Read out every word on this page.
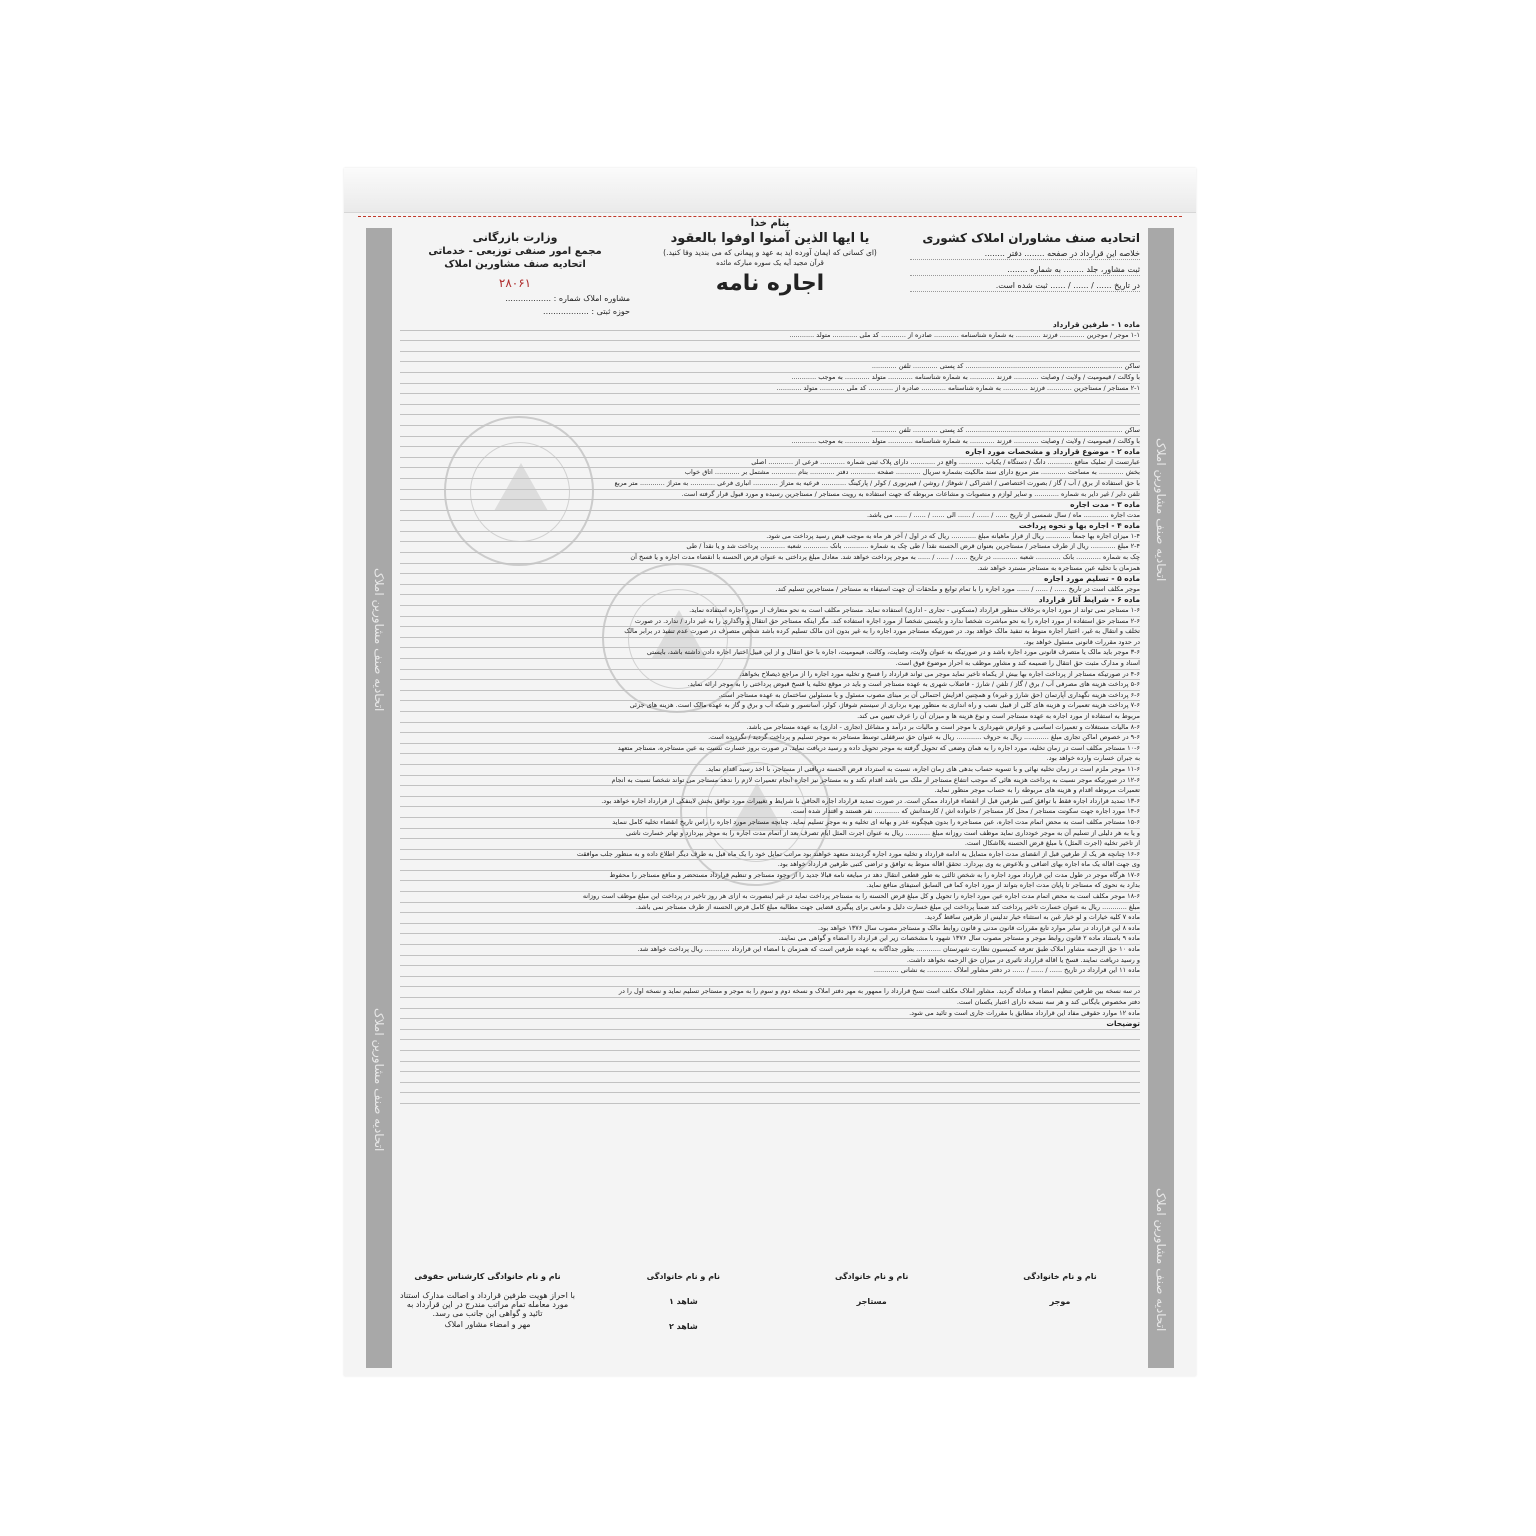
اتحادیه صنف مشاورین املاک
اتحادیه صنف مشاورین املاک
اتحادیه صنف مشاورین املاک
اتحادیه صنف مشاورین املاک
بنام خدا
اتحادیه صنف مشاوران املاک کشوری
خلاصه این قرارداد در صفحه ........ دفتر ........
ثبت مشاور، جلد ........ به شماره ........
در تاریخ ...... / ...... / ...... ثبت شده است.
یا ایها الذین آمنوا اوفوا بالعقود
(ای کسانی که ایمان آورده اید به عهد و پیمانی که می بندید وفا کنید.)
قرآن مجید آیه یک سوره مبارکه مائده
اجاره نامه
وزارت بازرگانی
مجمع امور صنفی توزیعی - خدماتی
اتحادیه صنف مشاورین املاک
۲۸۰۶۱
مشاوره املاک شماره : ..................
حوزه ثبتی : ..................
ماده ۱ - طرفین قرارداد
۱-۱ موجر / موجرین ............ فرزند ............ به شماره شناسنامه ............ صادره از ............ کد ملی ............ متولد ............
ساکن ............................................................................ کد پستی ............ تلفن ............
با وکالت / قیمومیت / ولایت / وصایت ............ فرزند ............ به شماره شناسنامه ............ متولد ............ به موجب ............
۲-۱ مستاجر / مستاجرین ............ فرزند ............ به شماره شناسنامه ............ صادره از ............ کد ملی ............ متولد ............
ساکن ............................................................................ کد پستی ............ تلفن ............
با وکالت / قیمومیت / ولایت / وصایت ............ فرزند ............ به شماره شناسنامه ............ متولد ............ به موجب ............
ماده ۲ - موضوع قرارداد و مشخصات مورد اجاره
عبارتست از تملیک منافع ............ دانگ / دستگاه / یکباب ............ واقع در ............ دارای پلاک ثبتی شماره ............ فرعی از ............ اصلی
بخش ............ به مساحت ............ متر مربع دارای سند مالکیت بشماره سریال ............ صفحه ............ دفتر ............ بنام ............ مشتمل بر ............ اتاق خواب
با حق استفاده از برق / آب / گاز / بصورت اختصاصی / اشتراکی / شوفاژ / روشن / فیبرنوری / کولر / پارکینگ ............ فرعیه به متراژ ............ انباری فرعی ............ به متراژ ............ متر مربع
تلفن دایر / غیر دایر به شماره ............ و سایر لوازم و منصوبات و مشاعات مربوطه که جهت استفاده به رویت مستاجر / مستاجرین رسیده و مورد قبول قرار گرفته است.
ماده ۳ - مدت اجاره
مدت اجاره ............ ماه / سال شمسی از تاریخ ...... / ...... / ...... الی ...... / ...... / ...... می باشد.
ماده ۴ - اجاره بها و نحوه پرداخت
۱-۴ میزان اجاره بها جمعاً ............ ریال از قرار ماهیانه مبلغ ............ ریال که در اول / آخر هر ماه به موجب قبض رسید پرداخت می شود.
۲-۴ مبلغ ............ ریال از طرف مستاجر / مستاجرین بعنوان قرض الحسنه نقداً / طی چک به شماره ............ بانک ............ شعبه ............ پرداخت شد و یا نقداً / طی
چک به شماره ............ بانک ............ شعبه ............ در تاریخ ...... / ...... / ...... به موجر پرداخت خواهد شد. معادل مبلغ پرداختی به عنوان قرض الحسنه با انقضاء مدت اجاره و یا فسخ آن
همزمان با تخلیه عین مستاجره به مستاجر مسترد خواهد شد.
ماده ۵ - تسلیم مورد اجاره
موجر مکلف است در تاریخ ...... / ...... / ...... مورد اجاره را با تمام توابع و ملحقات آن جهت استیفاء به مستاجر / مستاجرین تسلیم کند.
ماده ۶ - شرایط آثار قرارداد
۱-۶ مستاجر نمی تواند از مورد اجاره برخلاف منظور قرارداد (مسکونی - تجاری - اداری) استفاده نماید. مستاجر مکلف است به نحو متعارف از مورد اجاره استفاده نماید.
۲-۶ مستاجر حق استفاده از مورد اجاره را به نحو مباشرت شخصاً ندارد و بایستی شخصاً از مورد اجاره استفاده کند. مگر اینکه مستاجر حق انتقال و واگذاری را به غیر دارد / ندارد. در صورت
تخلف و انتقال به غیر، اعتبار اجاره منوط به تنفیذ مالک خواهد بود. در صورتیکه مستاجر مورد اجاره را به غیر بدون اذن مالک تسلیم کرده باشد شخص متصرف در صورت عدم تنفیذ در برابر مالک
در حدود مقررات قانونی مسئول خواهد بود.
۳-۶ موجر باید مالک یا متصرف قانونی مورد اجاره باشد و در صورتیکه به عنوان ولایت، وصایت، وکالت، قیمومیت، اجاره با حق انتقال و از این قبیل اختیار اجاره دادن داشته باشد، بایستی
اسناد و مدارک مثبت حق انتقال را ضمیمه کند و مشاور موظف به احراز موضوع فوق است.
۴-۶ در صورتیکه مستاجر از پرداخت اجاره بها بیش از یکماه تاخیر نماید موجر می تواند قرارداد را فسخ و تخلیه مورد اجاره را از مراجع ذیصلاح بخواهد.
۵-۶ پرداخت هزینه های مصرفی آب / برق / گاز / تلفن / شارژ - فاضلاب شهری به عهده مستاجر است و باید در موقع تخلیه یا فسخ قبوض پرداختی را به موجر ارائه نماید.
۶-۶ پرداخت هزینه نگهداری آپارتمان (حق شارژ و غیره) و همچنین افزایش احتمالی آن بر مبنای مصوب مسئول و یا مسئولین ساختمان به عهده مستاجر است.
۷-۶ پرداخت هزینه تعمیرات و هزینه های کلی از قبیل نصب و راه اندازی به منظور بهره برداری از سیستم شوفاژ، کولر، آسانسور و شبکه آب و برق و گاز به عهده مالک است. هزینه های جزئی
مربوط به استفاده از مورد اجاره به عهده مستاجر است و نوع هزینه ها و میزان آن را عرف تعیین می کند.
۸-۶ مالیات مستغلات و تعمیرات اساسی و عوارض شهرداری با موجر است و مالیات بر درآمد و مشاغل (تجاری - اداری) به عهده مستاجر می باشد.
۹-۶ در خصوص اماکن تجاری مبلغ ............ ریال به حروف ............ ریال به عنوان حق سرقفلی توسط مستاجر به موجر تسلیم و پرداخت گردید / نگردیده است.
۱۰-۶ مستاجر مکلف است در زمان تخلیه، مورد اجاره را به همان وضعی که تحویل گرفته به موجر تحویل داده و رسید دریافت نماید. در صورت بروز خسارت نسبت به عین مستاجره، مستاجر متعهد
به جبران خسارت وارده خواهد بود.
۱۱-۶ موجر ملزم است در زمان تخلیه نهائی و با تسویه حساب بدهی های زمان اجاره، نسبت به استرداد قرض الحسنه دریافتی از مستاجر، با اخذ رسید اقدام نماید.
۱۲-۶ در صورتیکه موجر نسبت به پرداخت هزینه هائی که موجب انتفاع مستاجر از ملک می باشد اقدام نکند و به مستاجر نیز اجازه انجام تعمیرات لازم را ندهد مستاجر می تواند شخصاً نسبت به انجام
تعمیرات مربوطه اقدام و هزینه های مربوطه را به حساب موجر منظور نماید.
۱۳-۶ تمدید قرارداد اجاره فقط با توافق کتبی طرفین قبل از انقضاء قرارداد ممکن است. در صورت تمدید قرارداد اجاره الحاقی با شرایط و تغییرات مورد توافق بخش لاینفکی از قرارداد اجاره خواهد بود.
۱۴-۶ مورد اجاره جهت سکونت مستاجر / محل کار مستاجر / خانواده اش / کارمندانش که ............ نفر هستند و اقتدار شده است.
۱۵-۶ مستاجر مکلف است به محض اتمام مدت اجاره، عین مستاجره را بدون هیچگونه عذر و بهانه ای تخلیه و به موجر تسلیم نماید. چنانچه مستاجر مورد اجاره را راس تاریخ انقضاء تخلیه کامل ننماید
و یا به هر دلیلی از تسلیم آن به موجر خودداری نماید موظف است روزانه مبلغ ............ ریال به عنوان اجرت المثل ایام تصرف بعد از اتمام مدت اجاره را به موجر بپردازد و تهاتر خسارت ناشی
از تاخیر تخلیه (اجرت المثل) با مبلغ قرض الحسنه بلااشکال است.
۱۶-۶ چنانچه هر یک از طرفین قبل از انقضای مدت اجاره متمایل به ادامه قرارداد و تخلیه مورد اجاره گردیدند متعهد خواهند بود مراتب تمایل خود را یک ماه قبل به طرف دیگر اطلاع داده و به منظور جلب موافقت
وی جهت اقاله یک ماه اجاره بهای اضافی و بلاعوض به وی بپردازد. تحقق اقاله منوط به توافق و تراضی کتبی طرفین قرارداد خواهد بود.
۱۷-۶ هرگاه موجر در طول مدت این قرارداد مورد اجاره را به شخص ثالثی به طور قطعی انتقال دهد در مبایعه نامه قبالا جدید را از وجود مستاجر و تنظیم قرارداد مستحضر و منافع مستاجر را محفوظ
بدارد به نحوی که مستاجر تا پایان مدت اجاره بتواند از مورد اجاره کما فی السابق استیفای منافع نماید.
۱۸-۶ موجر مکلف است به محض اتمام مدت اجاره عین مورد اجاره را تحویل و کل مبلغ قرض الحسنه را به مستاجر پرداخت نماید در غیر اینصورت به ازای هر روز تاخیر در پرداخت این مبلغ موظف است روزانه
مبلغ ............ ریال به عنوان خسارت تاخیر پرداخت کند ضمناً پرداخت این مبلغ خسارت دلیل و مانعی برای پیگیری قضایی جهت مطالبه مبلغ کامل قرض الحسنه از طرف مستاجر نمی باشد.
ماده ۷ کلیه خیارات و لو خیار غبن به استثناء خیار تدلیس از طرفین ساقط گردید.
ماده ۸ این قرارداد در سایر موارد تابع مقررات قانون مدنی و قانون روابط مالک و مستاجر مصوب سال ۱۳۷۶ خواهد بود.
ماده ۹ باستناد ماده ۲ قانون روابط موجر و مستاجر مصوب سال ۱۳۷۶ شهود با مشخصات زیر این قرارداد را امضاء و گواهی می نمایند.
ماده ۱۰ حق الزحمه مشاور املاک طبق تعرفه کمیسیون نظارت شهرستان ............ بطور جداگانه به عهده طرفین است که همزمان با امضاء این قرارداد ............ ریال پرداخت خواهد شد.
و رسید دریافت نمایند. فسخ یا اقاله قرارداد تاثیری در میزان حق الزحمه نخواهد داشت.
ماده ۱۱ این قرارداد در تاریخ ...... / ...... / ...... در دفتر مشاور املاک ............ به نشانی ............
در سه نسخه بین طرفین تنظیم امضاء و مبادله گردید. مشاور املاک مکلف است نسخ قرارداد را ممهور به مهر دفتر املاک و نسخه دوم و سوم را به موجر و مستاجر تسلیم نماید و نسخه اول را در
دفتر مخصوص بایگانی کند و هر سه نسخه دارای اعتبار یکسان است.
ماده ۱۲ موارد حقوقی مفاد این قرارداد مطابق با مقررات جاری است و تائید می شود.
توضیحات
نام و نام خانوادگی
موجر
نام و نام خانوادگی
مستاجر
نام و نام خانوادگی
شاهد ۱
شاهد ۲
نام و نام خانوادگی کارشناس حقوقی
با احراز هویت طرفین قرارداد و اصالت مدارک استناد مورد معامله تمام مراتب مندرج در این قرارداد به تائید و گواهی این جانب می رسد.
مهر و امضاء مشاور املاک
